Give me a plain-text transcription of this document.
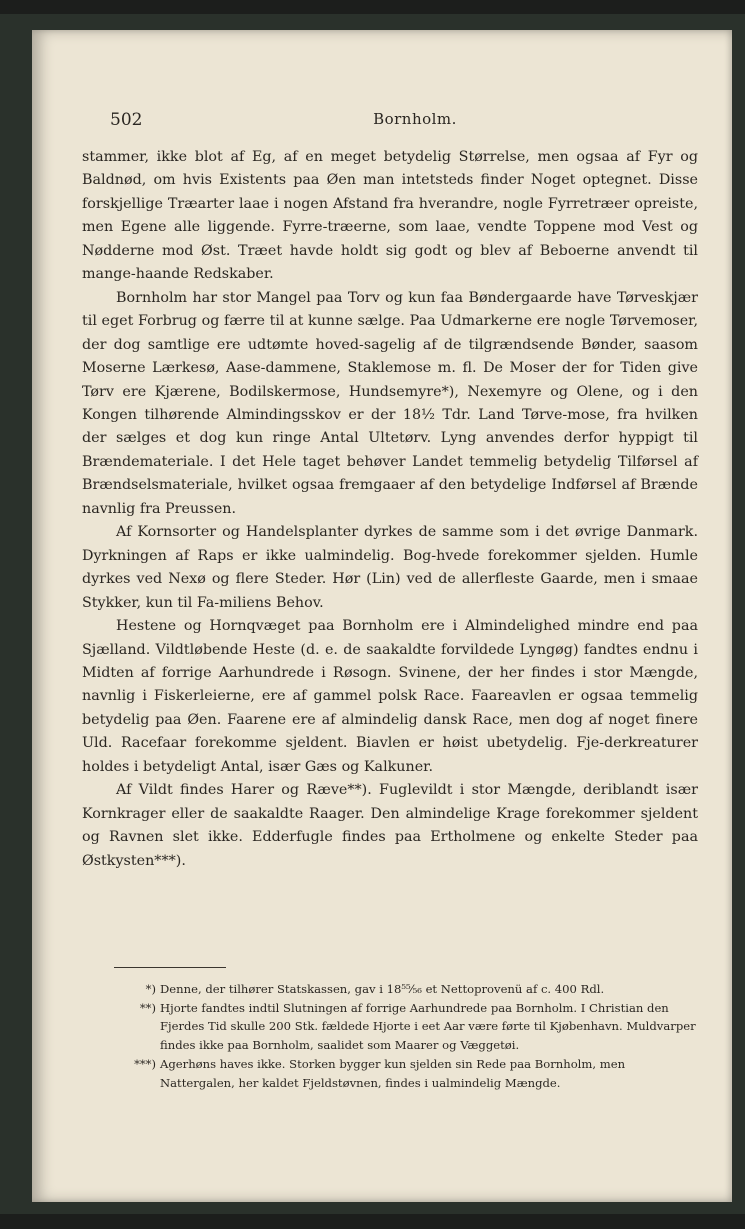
502	Bornholm.

stammer, ikke blot af Eg, af en meget betydelig Størrelse, men ogsaa af Fyr og Baldnød, om hvis Existents paa Øen man intetsteds finder Noget optegnet. Disse forskjellige Træarter laae i nogen Afstand fra hverandre, nogle Fyrretræer opreiste, men Egene alle liggende. Fyrre-træerne, som laae, vendte Toppene mod Vest og Nødderne mod Øst. Træet havde holdt sig godt og blev af Beboerne anvendt til mange-haande Redskaber.

Bornholm har stor Mangel paa Torv og kun faa Bøndergaarde have Tørveskjær til eget Forbrug og færre til at kunne sælge. Paa Udmarkerne ere nogle Tørvemoser, der dog samtlige ere udtømte hoved-sagelig af de tilgrændsende Bønder, saasom Moserne Lærkesø, Aase-dammene, Staklemose m. fl. De Moser der for Tiden give Tørv ere Kjærene, Bodilskermose, Hundsemyre*), Nexemyre og Olene, og i den Kongen tilhørende Almindingsskov er der 18¹⁄₂ Tdr. Land Tørve-mose, fra hvilken der sælges et dog kun ringe Antal Ultetørv. Lyng anvendes derfor hyppigt til Brændematerialе. I det Hele taget behøver Landet temmelig betydelig Tilførsel af Brændselsmateriale, hvilket ogsaa fremgaaer af den betydelige Indførsel af Brænde navnlig fra Preussen.

Af Kornsorter og Handelsplanter dyrkes de samme som i det øvrige Danmark. Dyrkningen af Raps er ikke ualmindelig. Bog-hvede forekommer sjelden. Humle dyrkes ved Nexø og flere Steder. Hør (Lin) ved de allerfleste Gaarde, men i smaae Stykker, kun til Fa-miliens Behov.

Hestene og Hornqvæget paa Bornholm ere i Almindelighed mindre end paa Sjælland. Vildtløbende Heste (d. e. de saakaldte forvildede Lyngøg) fandtes endnu i Midten af forrige Aarhundrede i Røsogn. Svinene, der her findes i stor Mængde, navnlig i Fiskerleierne, ere af gammel polsk Race. Faareavlen er ogsaa temmelig betydelig paa Øen. Faarene ere af almindelig dansk Race, men dog af noget finere Uld. Racefaar forekomme sjeldent. Biavlen er høist ubetydelig. Fje-derkreaturer holdes i betydeligt Antal, især Gæs og Kalkuner.

Af Vildt findes Harer og Ræve**). Fuglevildt i stor Mængde, deriblandt især Kornkrager eller de saakaldte Raager. Den almindelige Krage forekommer sjeldent og Ravnen slet ikke. Edderfugle findes paa Ertholmene og enkelte Steder paa Østkysten***).

*) Denne, der tilhører Statskassen, gav i 18⁵⁵⁄₅₆ et Nettoprovenü af c. 400 Rdl.
**) Hjorte fandtes indtil Slutningen af forrige Aarhundrede paa Bornholm. I Christian den Fjerdes Tid skulle 200 Stk. fældede Hjorte i eet Aar være førte til Kjøbenhavn. Muldvarper findes ikke paa Bornholm, saalidet som Maarer og Væggetøi.
***) Agerhøns haves ikke. Storken bygger kun sjelden sin Rede paa Bornholm, men Nattergalen, her kaldet Fjeldstøvnen, findes i ualmindelig Mængde.
